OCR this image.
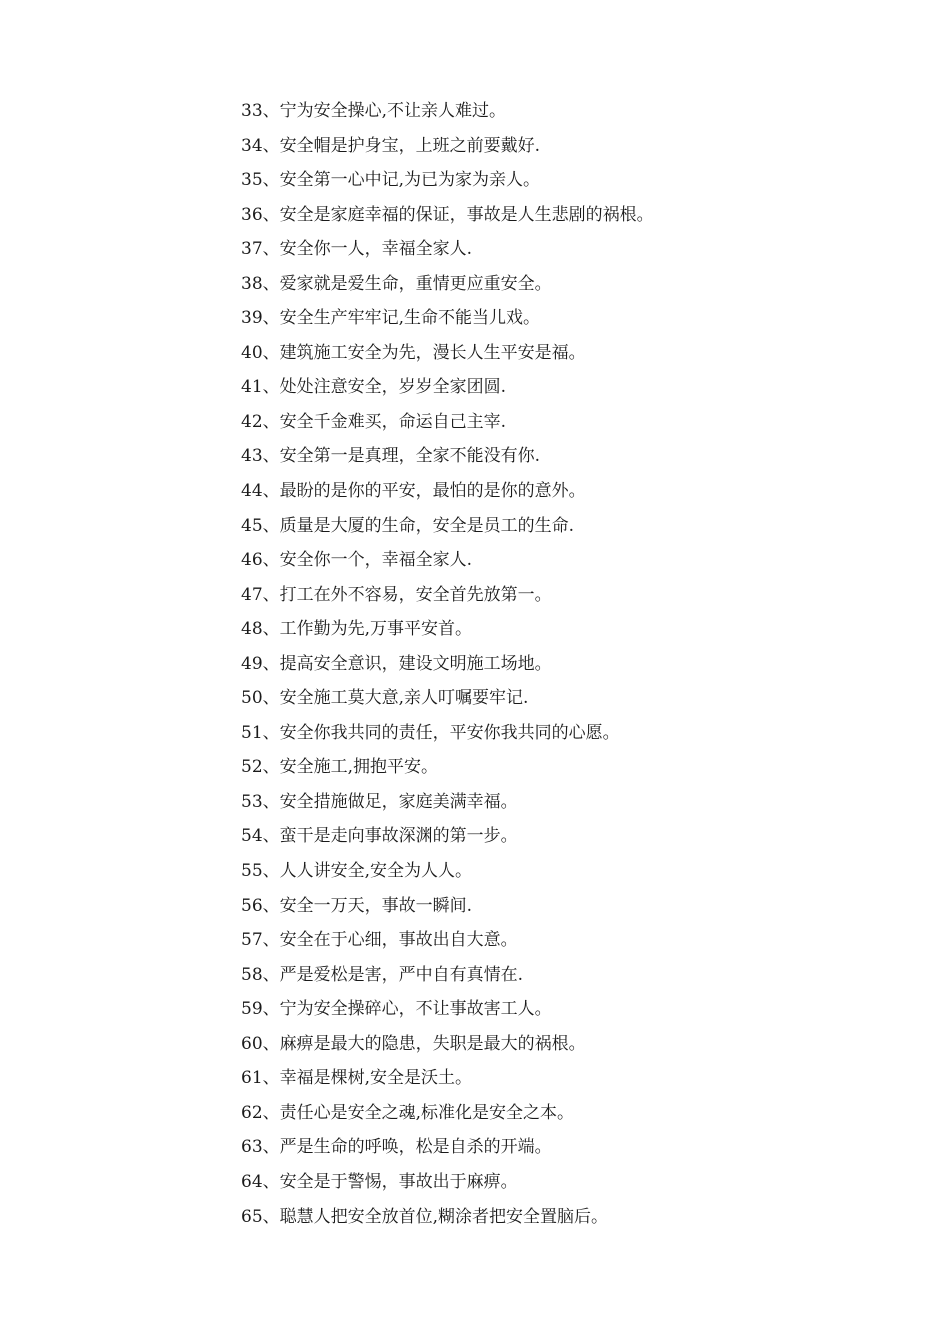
33、宁为安全操心,不让亲人难过。
34、安全帽是护身宝，上班之前要戴好.
35、安全第一心中记,为已为家为亲人。
36、安全是家庭幸福的保证，事故是人生悲剧的祸根。
37、安全你一人，幸福全家人.
38、爱家就是爱生命，重情更应重安全。
39、安全生产牢牢记,生命不能当儿戏。
40、建筑施工安全为先，漫长人生平安是福。
41、处处注意安全，岁岁全家团圆.
42、安全千金难买，命运自己主宰.
43、安全第一是真理，全家不能没有你.
44、最盼的是你的平安，最怕的是你的意外。
45、质量是大厦的生命，安全是员工的生命.
46、安全你一个，幸福全家人.
47、打工在外不容易，安全首先放第一。
48、工作勤为先,万事平安首。
49、提高安全意识，建设文明施工场地。
50、安全施工莫大意,亲人叮嘱要牢记.
51、安全你我共同的责任，平安你我共同的心愿。
52、安全施工,拥抱平安。
53、安全措施做足，家庭美满幸福。
54、蛮干是走向事故深渊的第一步。
55、人人讲安全,安全为人人。
56、安全一万天，事故一瞬间.
57、安全在于心细，事故出自大意。
58、严是爱松是害，严中自有真情在.
59、宁为安全操碎心，不让事故害工人。
60、麻痹是最大的隐患，失职是最大的祸根。
61、幸福是棵树,安全是沃土。
62、责任心是安全之魂,标准化是安全之本。
63、严是生命的呼唤，松是自杀的开端。
64、安全是于警惕，事故出于麻痹。
65、聪慧人把安全放首位,糊涂者把安全置脑后。
